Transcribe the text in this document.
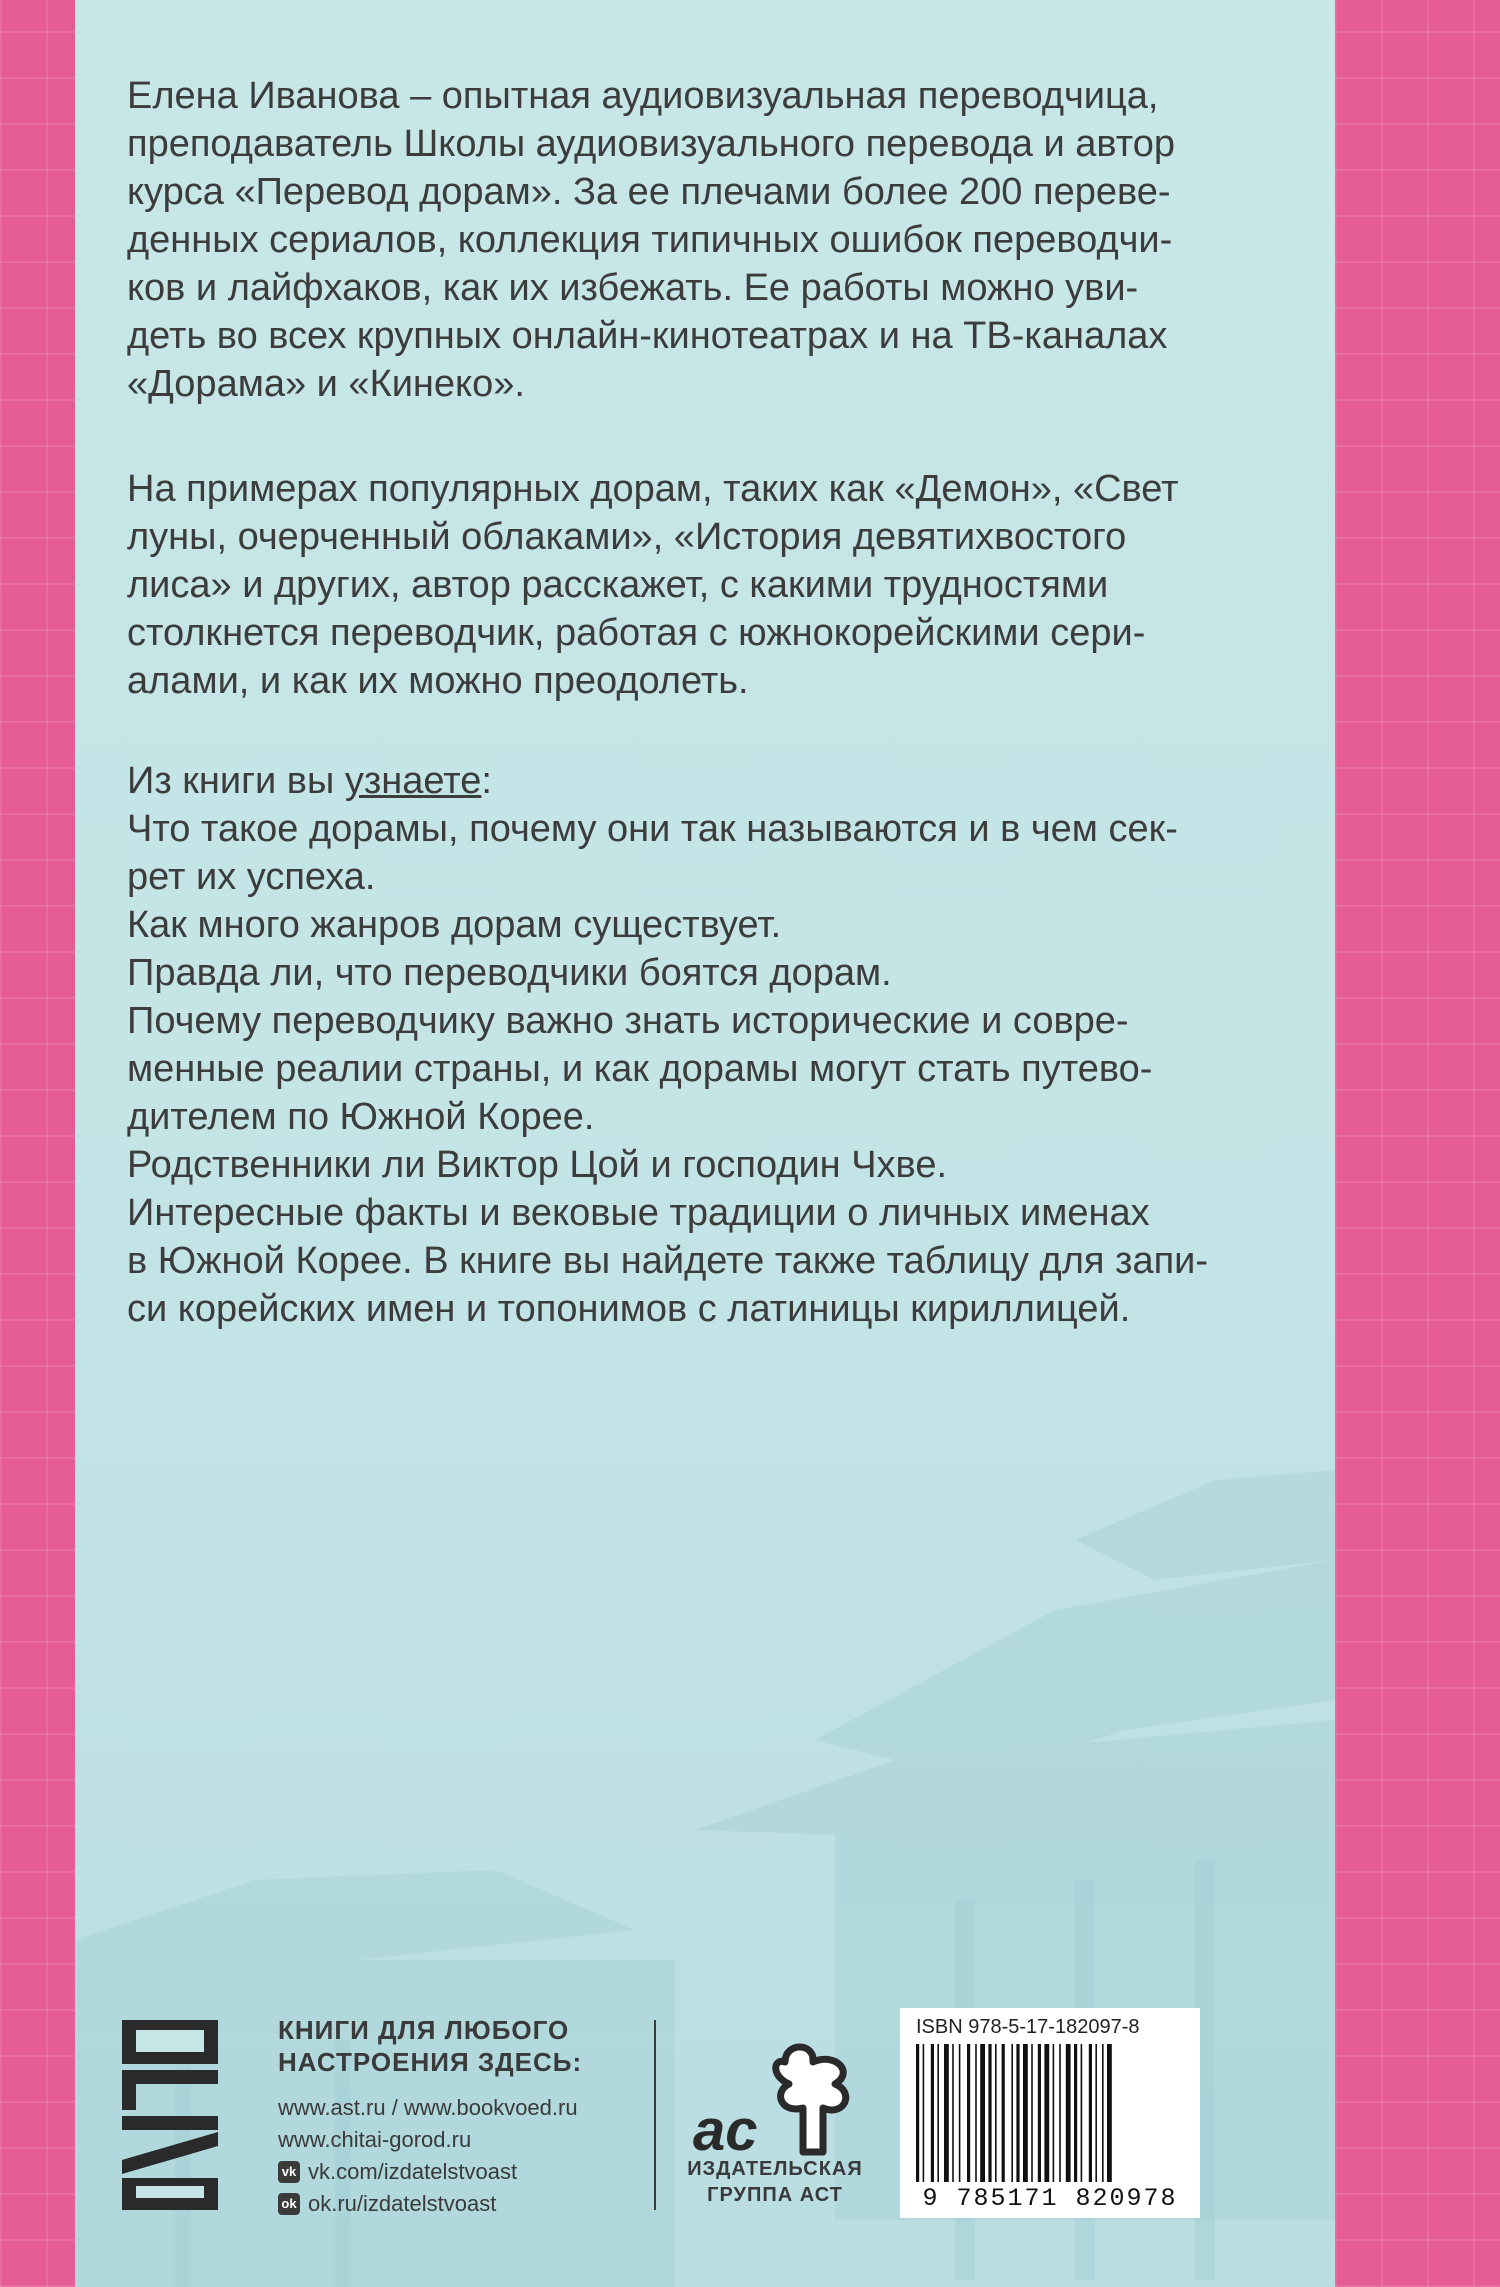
Елена Иванова – опытная аудиовизуальная переводчица,
преподаватель Школы аудиовизуального перевода и автор
курса «Перевод дорам». За ее плечами более 200 переве-
денных сериалов, коллекция типичных ошибок переводчи-
ков и лайфхаков, как их избежать. Ее работы можно уви-
деть во всех крупных онлайн-кинотеатрах и на ТВ-каналах
«Дорама» и «Кинеко».
На примерах популярных дорам, таких как «Демон», «Свет
луны, очерченный облаками», «История девятихвостого
лиса» и других, автор расскажет, с какими трудностями
столкнется переводчик, работая с южнокорейскими сери-
алами, и как их можно преодолеть.
Из книги вы узнаете:
Что такое дорамы, почему они так называются и в чем сек-
рет их успеха.
Как много жанров дорам существует.
Правда ли, что переводчики боятся дорам.
Почему переводчику важно знать исторические и совре-
менные реалии страны, и как дорамы могут стать путево-
дителем по Южной Корее.
Родственники ли Виктор Цой и господин Чхве.
Интересные факты и вековые традиции о личных именах
в Южной Корее. В книге вы найдете также таблицу для запи-
си корейских имен и топонимов с латиницы кириллицей.
КНИГИ ДЛЯ ЛЮБОГО
НАСТРОЕНИЯ ЗДЕСЬ:
www.ast.ru / www.bookvoed.ru
www.chitai-gorod.ru
vk vk.com/izdatelstvoast
ok ok.ru/izdatelstvoast
ac
ИЗДАТЕЛЬСКАЯ
ГРУППА АСТ
ISBN 978-5-17-182097-8
9 785171 820978
